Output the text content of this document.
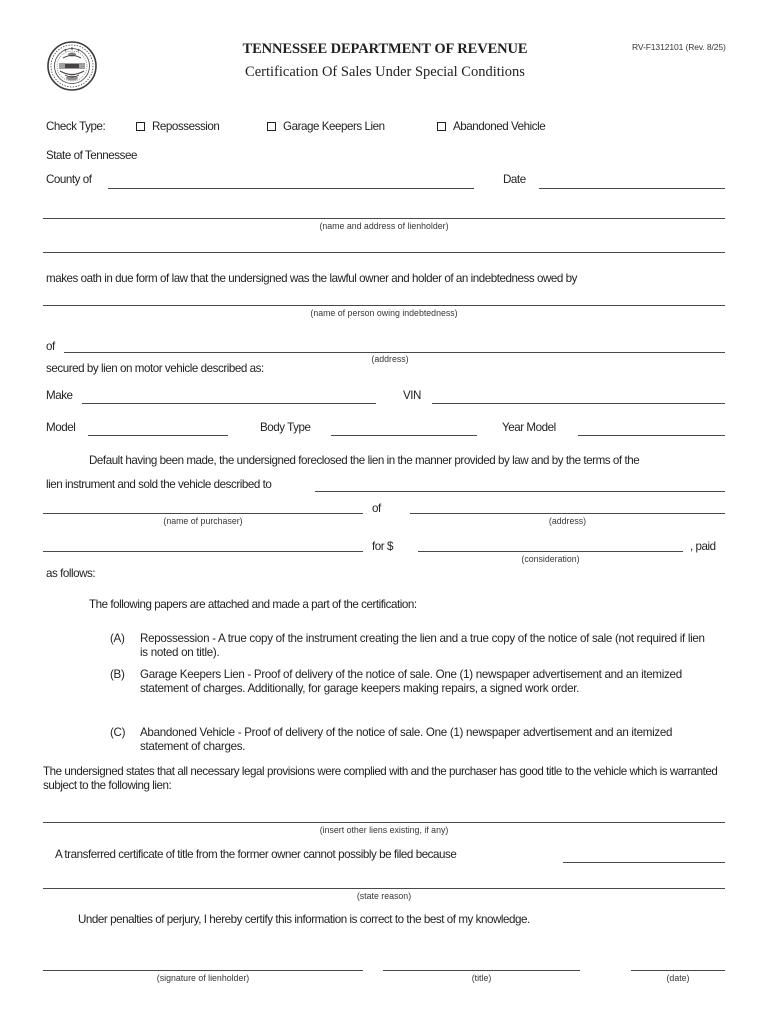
TENNESSEE DEPARTMENT OF REVENUE
Certification Of Sales Under Special Conditions
RV-F1312101 (Rev. 8/25)
Check Type:	Repossession	Garage Keepers Lien	Abandoned Vehicle
State of Tennessee
County of	Date
(name and address of lienholder)
makes oath in due form of law that the undersigned was the lawful owner and holder of an indebtedness owed by
(name of person owing indebtedness)
of
(address)
secured by lien on motor vehicle described as:
Make	VIN
Model	Body Type	Year Model
Default having been made, the undersigned foreclosed the lien in the manner provided by law and by the terms of the
lien instrument and sold the vehicle described to
(name of purchaser)
of
(address)
for $
(consideration)
, paid
as follows:
The following papers are attached and made a part of the certification:
(A) Repossession - A true copy of the instrument creating the lien and a true copy of the notice of sale (not required if lien is noted on title).
(B) Garage Keepers Lien - Proof of delivery of the notice of sale. One (1) newspaper advertisement and an itemized statement of charges. Additionally, for garage keepers making repairs, a signed work order.
(C) Abandoned Vehicle - Proof of delivery of the notice of sale. One (1) newspaper advertisement and an itemized statement of charges.
The undersigned states that all necessary legal provisions were complied with and the purchaser has good title to the vehicle which is warranted subject to the following lien:
(insert other liens existing, if any)
A transferred certificate of title from the former owner cannot possibly be filed because
(state reason)
Under penalties of perjury, I hereby certify this information is correct to the best of my knowledge.
(signature of lienholder)	(title)	(date)
